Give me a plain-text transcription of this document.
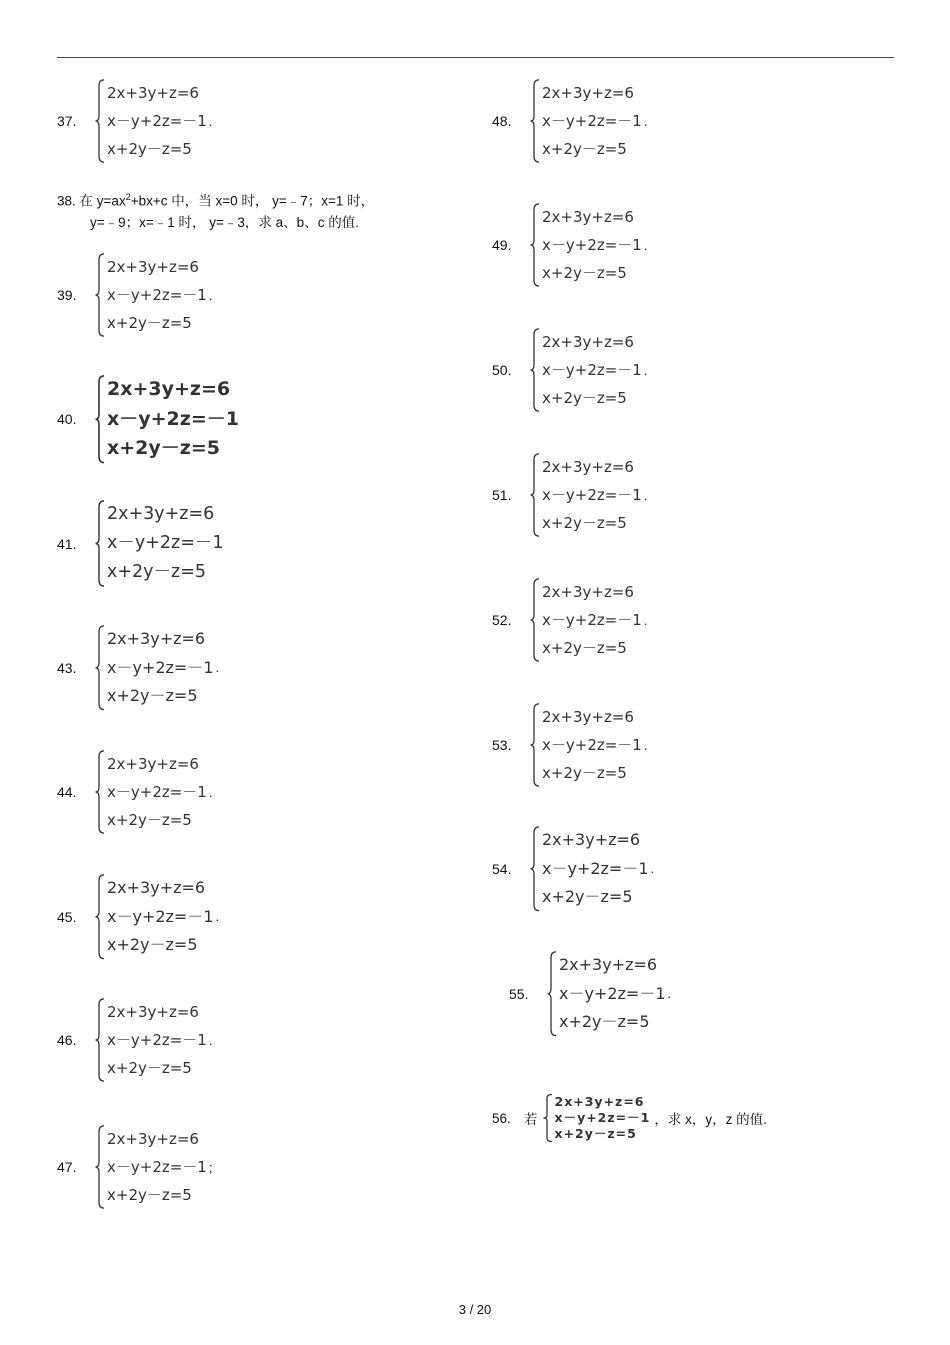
37.
2x+3y+z=6
x－y+2z=－1
x+2y－z=5
.
38. 在 $y=ax^2+bx+c$ 中，当 x=0 时， y=﹣7；x=1 时，
y=﹣9；x=﹣1 时， y=﹣3，求 a、b、c 的值.
39.
2x+3y+z=6
x－y+2z=－1
x+2y－z=5
.
40.
2x+3y+z=6
x－y+2z=－1
x+2y－z=5
41.
2x+3y+z=6
x－y+2z=－1
x+2y－z=5
43.
2x+3y+z=6
x－y+2z=－1
x+2y－z=5
.
44.
2x+3y+z=6
x－y+2z=－1
x+2y－z=5
.
45.
2x+3y+z=6
x－y+2z=－1
x+2y－z=5
.
46.
2x+3y+z=6
x－y+2z=－1
x+2y－z=5
.
47.
2x+3y+z=6
x－y+2z=－1
x+2y－z=5
;
48.
2x+3y+z=6
x－y+2z=－1
x+2y－z=5
.
49.
2x+3y+z=6
x－y+2z=－1
x+2y－z=5
.
50.
2x+3y+z=6
x－y+2z=－1
x+2y－z=5
.
51.
2x+3y+z=6
x－y+2z=－1
x+2y－z=5
.
52.
2x+3y+z=6
x－y+2z=－1
x+2y－z=5
.
53.
2x+3y+z=6
x－y+2z=－1
x+2y－z=5
.
54.
2x+3y+z=6
x－y+2z=－1
x+2y－z=5
.
55.
2x+3y+z=6
x－y+2z=－1
x+2y－z=5
.
56. 若
2x+3y+z=6
x－y+2z=－1
x+2y－z=5
，求 x，y，z 的值.
3 / 20
